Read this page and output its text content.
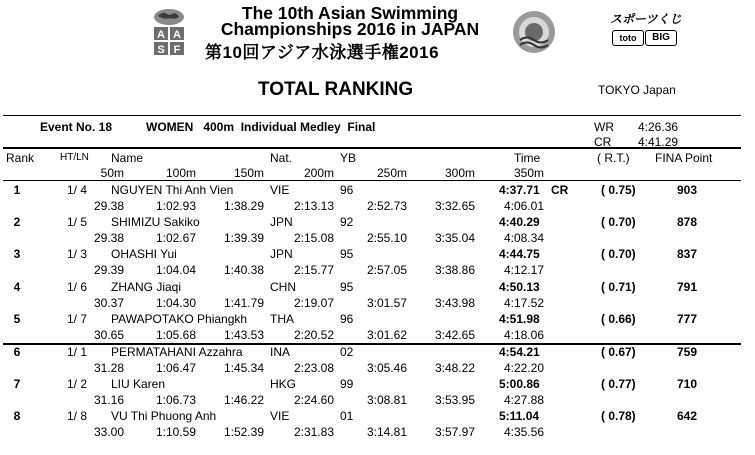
A A
S F
The 10th Asian Swimming
Championships 2016 in JAPAN
第10回アジア水泳選手権2016
スポーツくじ
toto	BIG
TOTAL RANKING	TOKYO Japan
Event No. 18	WOMEN   400m  Individual Medley  Final	WR 4:26.36
CR 4:41.29
Rank	HT/LN Name	Nat.	YB	Time	( R.T.) FINA Point
50m	100m	150m	200m	250m	300m	350m
1	1/ 4 NGUYEN Thi Anh Vien	VIE	96	4:37.71 CR	( 0.75)	903
29.38	1:02.93	1:38.29	2:13.13	2:52.73	3:32.65	4:06.01
2	1/ 5 SHIMIZU Sakiko	JPN	92	4:40.29	( 0.70)	878
29.38	1:02.67	1:39.39	2:15.08	2:55.10	3:35.04	4:08.34
3	1/ 3 OHASHI Yui	JPN	95	4:44.75	( 0.70)	837
29.39	1:04.04	1:40.38	2:15.77	2:57.05	3:38.86	4:12.17
4	1/ 6 ZHANG Jiaqi	CHN	95	4:50.13	( 0.71)	791
30.37	1:04.30	1:41.79	2:19.07	3:01.57	3:43.98	4:17.52
5	1/ 7 PAWAPOTAKO Phiangkh THA	96	4:51.98	( 0.66)	777
30.65	1:05.68	1:43.53	2:20.52	3:01.62	3:42.65	4:18.06
6	1/ 1 PERMATAHANI Azzahra INA	02	4:54.21	( 0.67)	759
31.28	1:06.47	1:45.34	2:23.08	3:05.46	3:48.22	4:22.20
7	1/ 2 LIU Karen	HKG	99	5:00.86	( 0.77)	710
31.16	1:06.73	1:46.22	2:24.60	3:08.81	3:53.95	4:27.88
8	1/ 8 VU Thi Phuong Anh	VIE	01	5:11.04	( 0.78)	642
33.00	1:10.59	1:52.39	2:31.83	3:14.81	3:57.97	4:35.56
